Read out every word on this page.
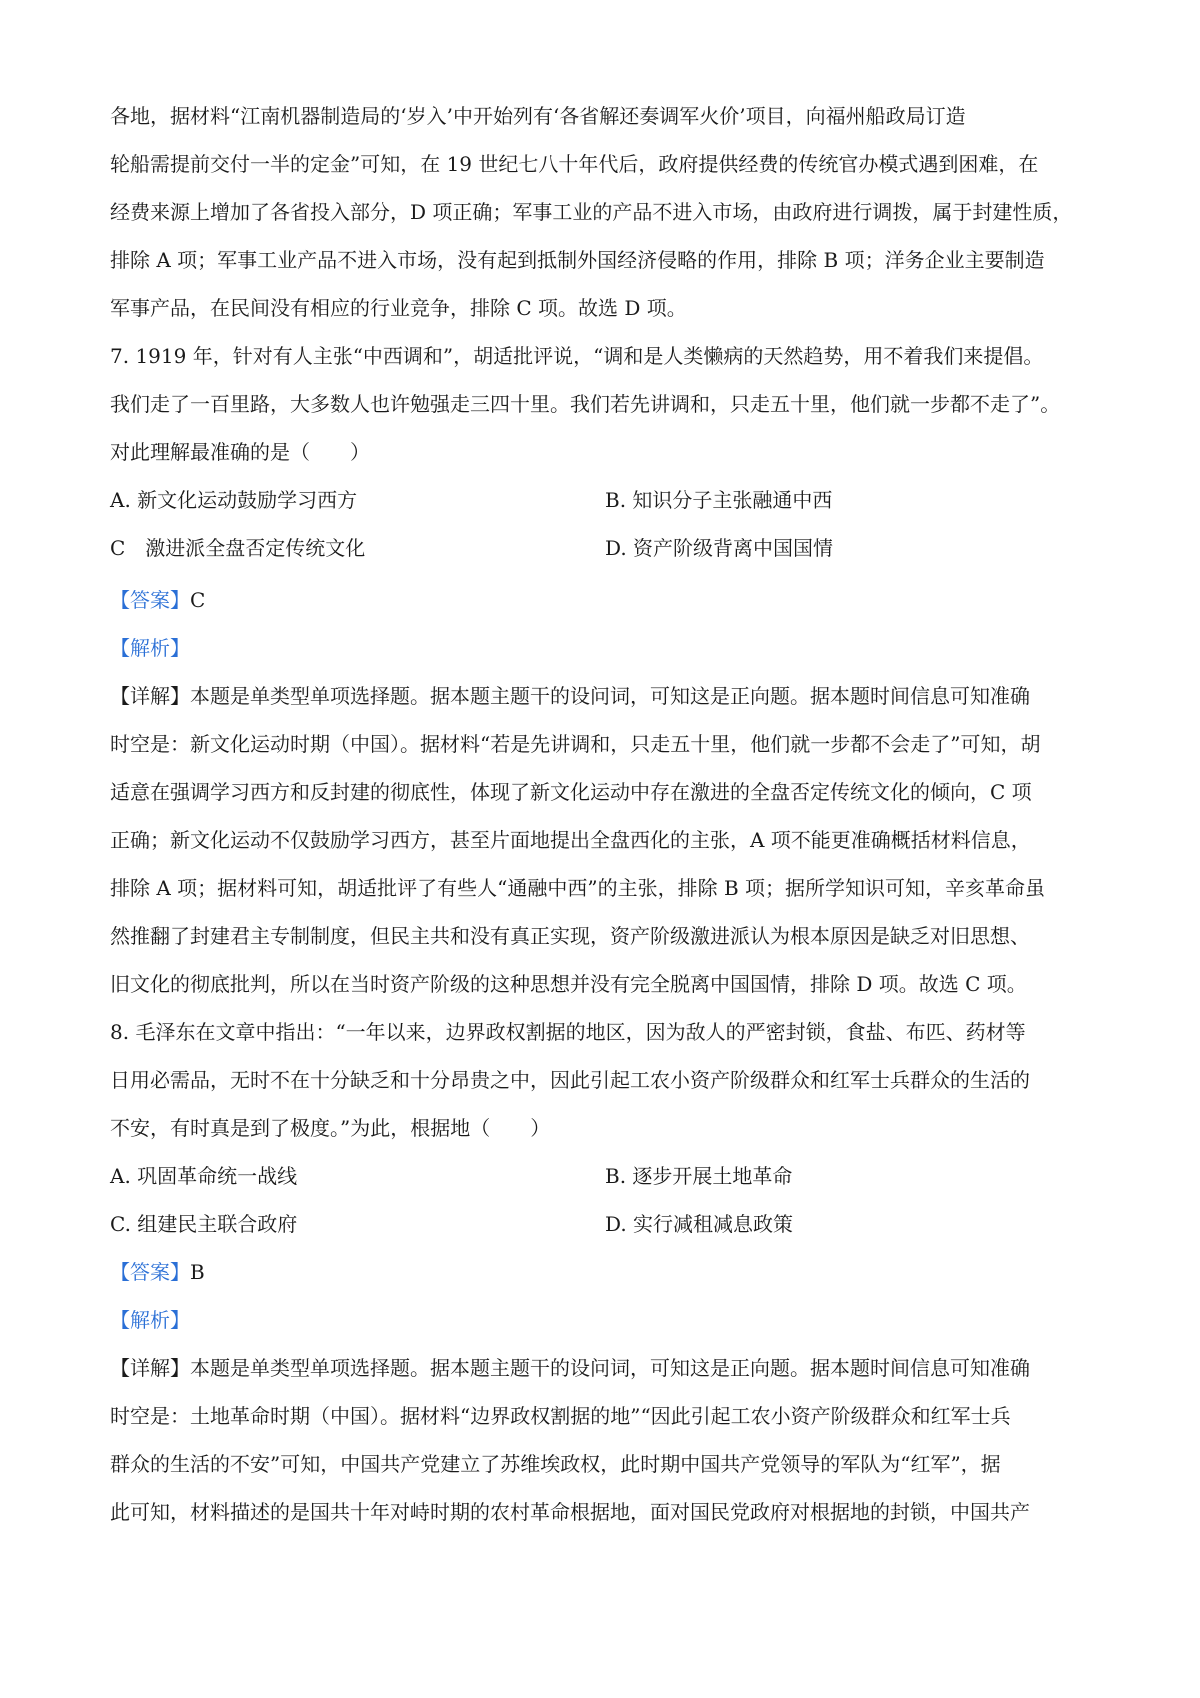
各地，据材料“江南机器制造局的‘岁入’中开始列有‘各省解还奏调军火价’项目，向福州船政局订造
轮船需提前交付一半的定金”可知，在 19 世纪七八十年代后，政府提供经费的传统官办模式遇到困难，在
经费来源上增加了各省投入部分，D 项正确；军事工业的产品不进入市场，由政府进行调拨，属于封建性质，
排除 A 项；军事工业产品不进入市场，没有起到抵制外国经济侵略的作用，排除 B 项；洋务企业主要制造
军事产品，在民间没有相应的行业竞争，排除 C 项。故选 D 项。
7. 1919 年，针对有人主张“中西调和”，胡适批评说，“调和是人类懒病的天然趋势，用不着我们来提倡。
我们走了一百里路，大多数人也许勉强走三四十里。我们若先讲调和，只走五十里，他们就一步都不走了”。
对此理解最准确的是（　　）
A. 新文化运动鼓励学习西方	B. 知识分子主张融通中西
C　激进派全盘否定传统文化	D. 资产阶级背离中国国情
【答案】C
【解析】
【详解】本题是单类型单项选择题。据本题主题干的设问词，可知这是正向题。据本题时间信息可知准确
时空是：新文化运动时期（中国）。据材料“若是先讲调和，只走五十里，他们就一步都不会走了”可知，胡
适意在强调学习西方和反封建的彻底性，体现了新文化运动中存在激进的全盘否定传统文化的倾向，C 项
正确；新文化运动不仅鼓励学习西方，甚至片面地提出全盘西化的主张，A 项不能更准确概括材料信息，
排除 A 项；据材料可知，胡适批评了有些人“通融中西”的主张，排除 B 项；据所学知识可知，辛亥革命虽
然推翻了封建君主专制制度，但民主共和没有真正实现，资产阶级激进派认为根本原因是缺乏对旧思想、
旧文化的彻底批判，所以在当时资产阶级的这种思想并没有完全脱离中国国情，排除 D 项。故选 C 项。
8. 毛泽东在文章中指出：“一年以来，边界政权割据的地区，因为敌人的严密封锁，食盐、布匹、药材等
日用必需品，无时不在十分缺乏和十分昂贵之中，因此引起工农小资产阶级群众和红军士兵群众的生活的
不安，有时真是到了极度。”为此，根据地（　　）
A. 巩固革命统一战线	B. 逐步开展土地革命
C. 组建民主联合政府	D. 实行减租减息政策
【答案】B
【解析】
【详解】本题是单类型单项选择题。据本题主题干的设问词，可知这是正向题。据本题时间信息可知准确
时空是：土地革命时期（中国）。据材料“边界政权割据的地”“因此引起工农小资产阶级群众和红军士兵
群众的生活的不安”可知，中国共产党建立了苏维埃政权，此时期中国共产党领导的军队为“红军”，据
此可知，材料描述的是国共十年对峙时期的农村革命根据地，面对国民党政府对根据地的封锁，中国共产
